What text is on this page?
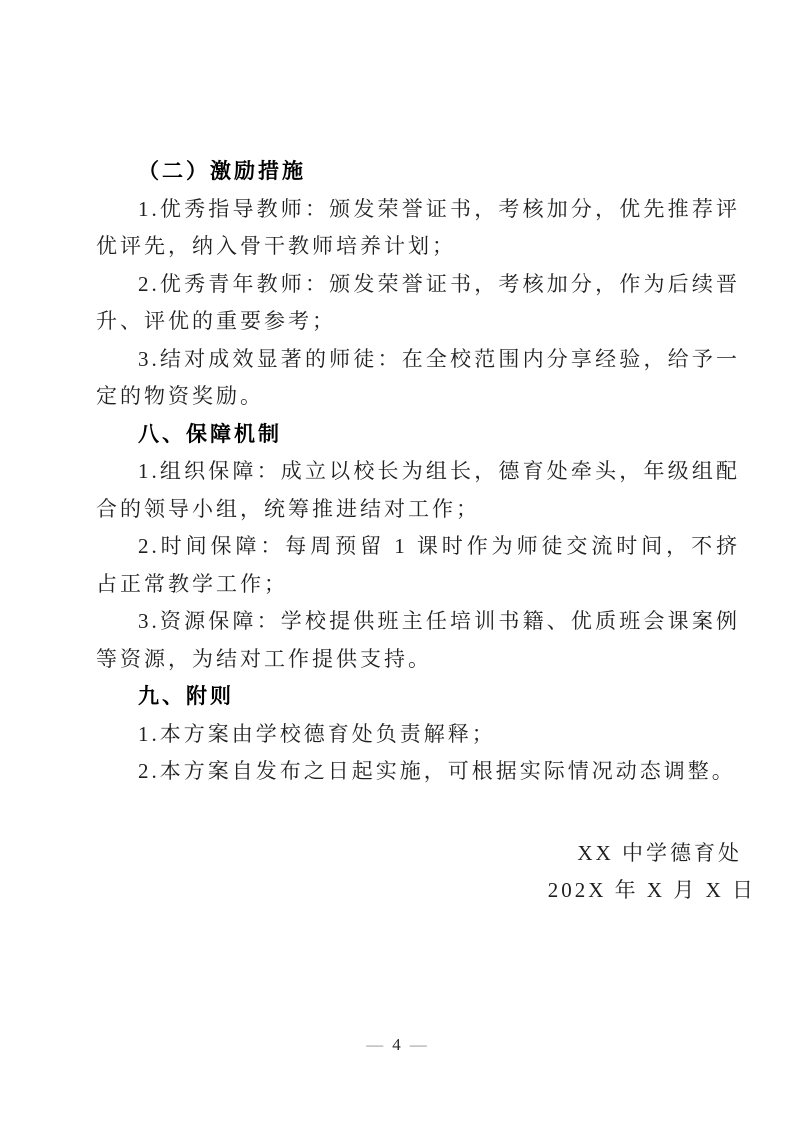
（二）激励措施

1.优秀指导教师：颁发荣誉证书，考核加分，优先推荐评优评先，纳入骨干教师培养计划；

2.优秀青年教师：颁发荣誉证书，考核加分，作为后续晋升、评优的重要参考；

3.结对成效显著的师徒：在全校范围内分享经验，给予一定的物资奖励。

八、保障机制

1.组织保障：成立以校长为组长，德育处牵头，年级组配合的领导小组，统筹推进结对工作；

2.时间保障：每周预留 1 课时作为师徒交流时间，不挤占正常教学工作；

3.资源保障：学校提供班主任培训书籍、优质班会课案例等资源，为结对工作提供支持。

九、附则

1.本方案由学校德育处负责解释；

2.本方案自发布之日起实施，可根据实际情况动态调整。

XX 中学德育处

202X 年 X 月 X 日

— 4 —
